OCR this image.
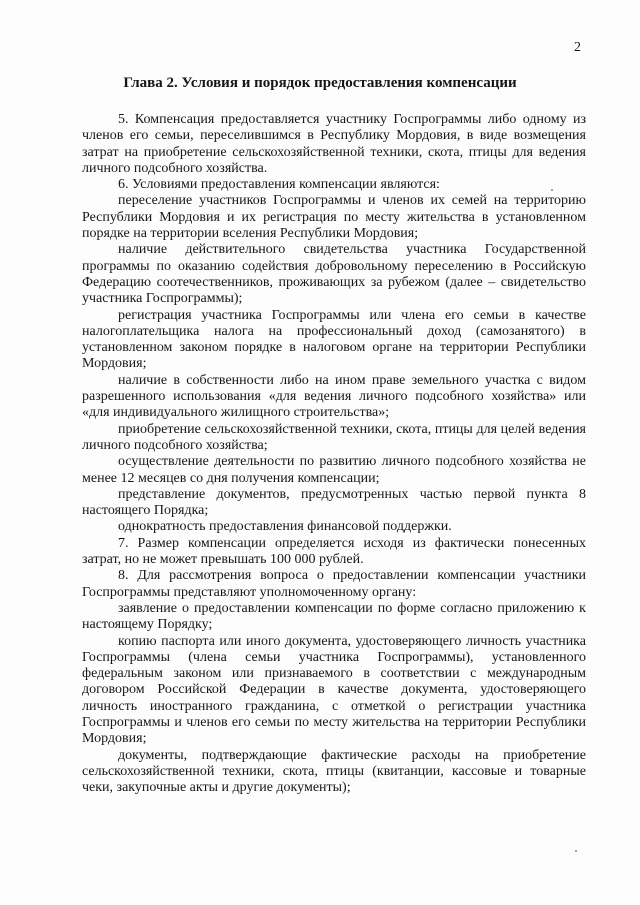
2
Глава 2. Условия и порядок предоставления компенсации

5. Компенсация предоставляется участнику Госпрограммы либо одному из членов его семьи, переселившимся в Республику Мордовия, в виде возмещения затрат на приобретение сельскохозяйственной техники, скота, птицы для ведения личного подсобного хозяйства.

6. Условиями предоставления компенсации являются:

переселение участников Госпрограммы и членов их семей на территорию Республики Мордовия и их регистрация по месту жительства в установленном порядке на территории вселения Республики Мордовия;

наличие действительного свидетельства участника Государственной программы по оказанию содействия добровольному переселению в Российскую Федерацию соотечественников, проживающих за рубежом (далее – свидетельство участника Госпрограммы);

регистрация участника Госпрограммы или члена его семьи в качестве налогоплательщика налога на профессиональный доход (самозанятого) в установленном законом порядке в налоговом органе на территории Республики Мордовия;

наличие в собственности либо на ином праве земельного участка с видом разрешенного использования «для ведения личного подсобного хозяйства» или «для индивидуального жилищного строительства»;

приобретение сельскохозяйственной техники, скота, птицы для целей ведения личного подсобного хозяйства;

осуществление деятельности по развитию личного подсобного хозяйства не менее 12 месяцев со дня получения компенсации;

представление документов, предусмотренных частью первой пункта 8 настоящего Порядка;

однократность предоставления финансовой поддержки.

7. Размер компенсации определяется исходя из фактически понесенных затрат, но не может превышать 100 000 рублей.

8. Для рассмотрения вопроса о предоставлении компенсации участники Госпрограммы представляют уполномоченному органу:

заявление о предоставлении компенсации по форме согласно приложению к настоящему Порядку;

копию паспорта или иного документа, удостоверяющего личность участника Госпрограммы (члена семьи участника Госпрограммы), установленного федеральным законом или признаваемого в соответствии с международным договором Российской Федерации в качестве документа, удостоверяющего личность иностранного гражданина, с отметкой о регистрации участника Госпрограммы и членов его семьи по месту жительства на территории Республики Мордовия;

документы, подтверждающие фактические расходы на приобретение сельскохозяйственной техники, скота, птицы (квитанции, кассовые и товарные чеки, закупочные акты и другие документы);
